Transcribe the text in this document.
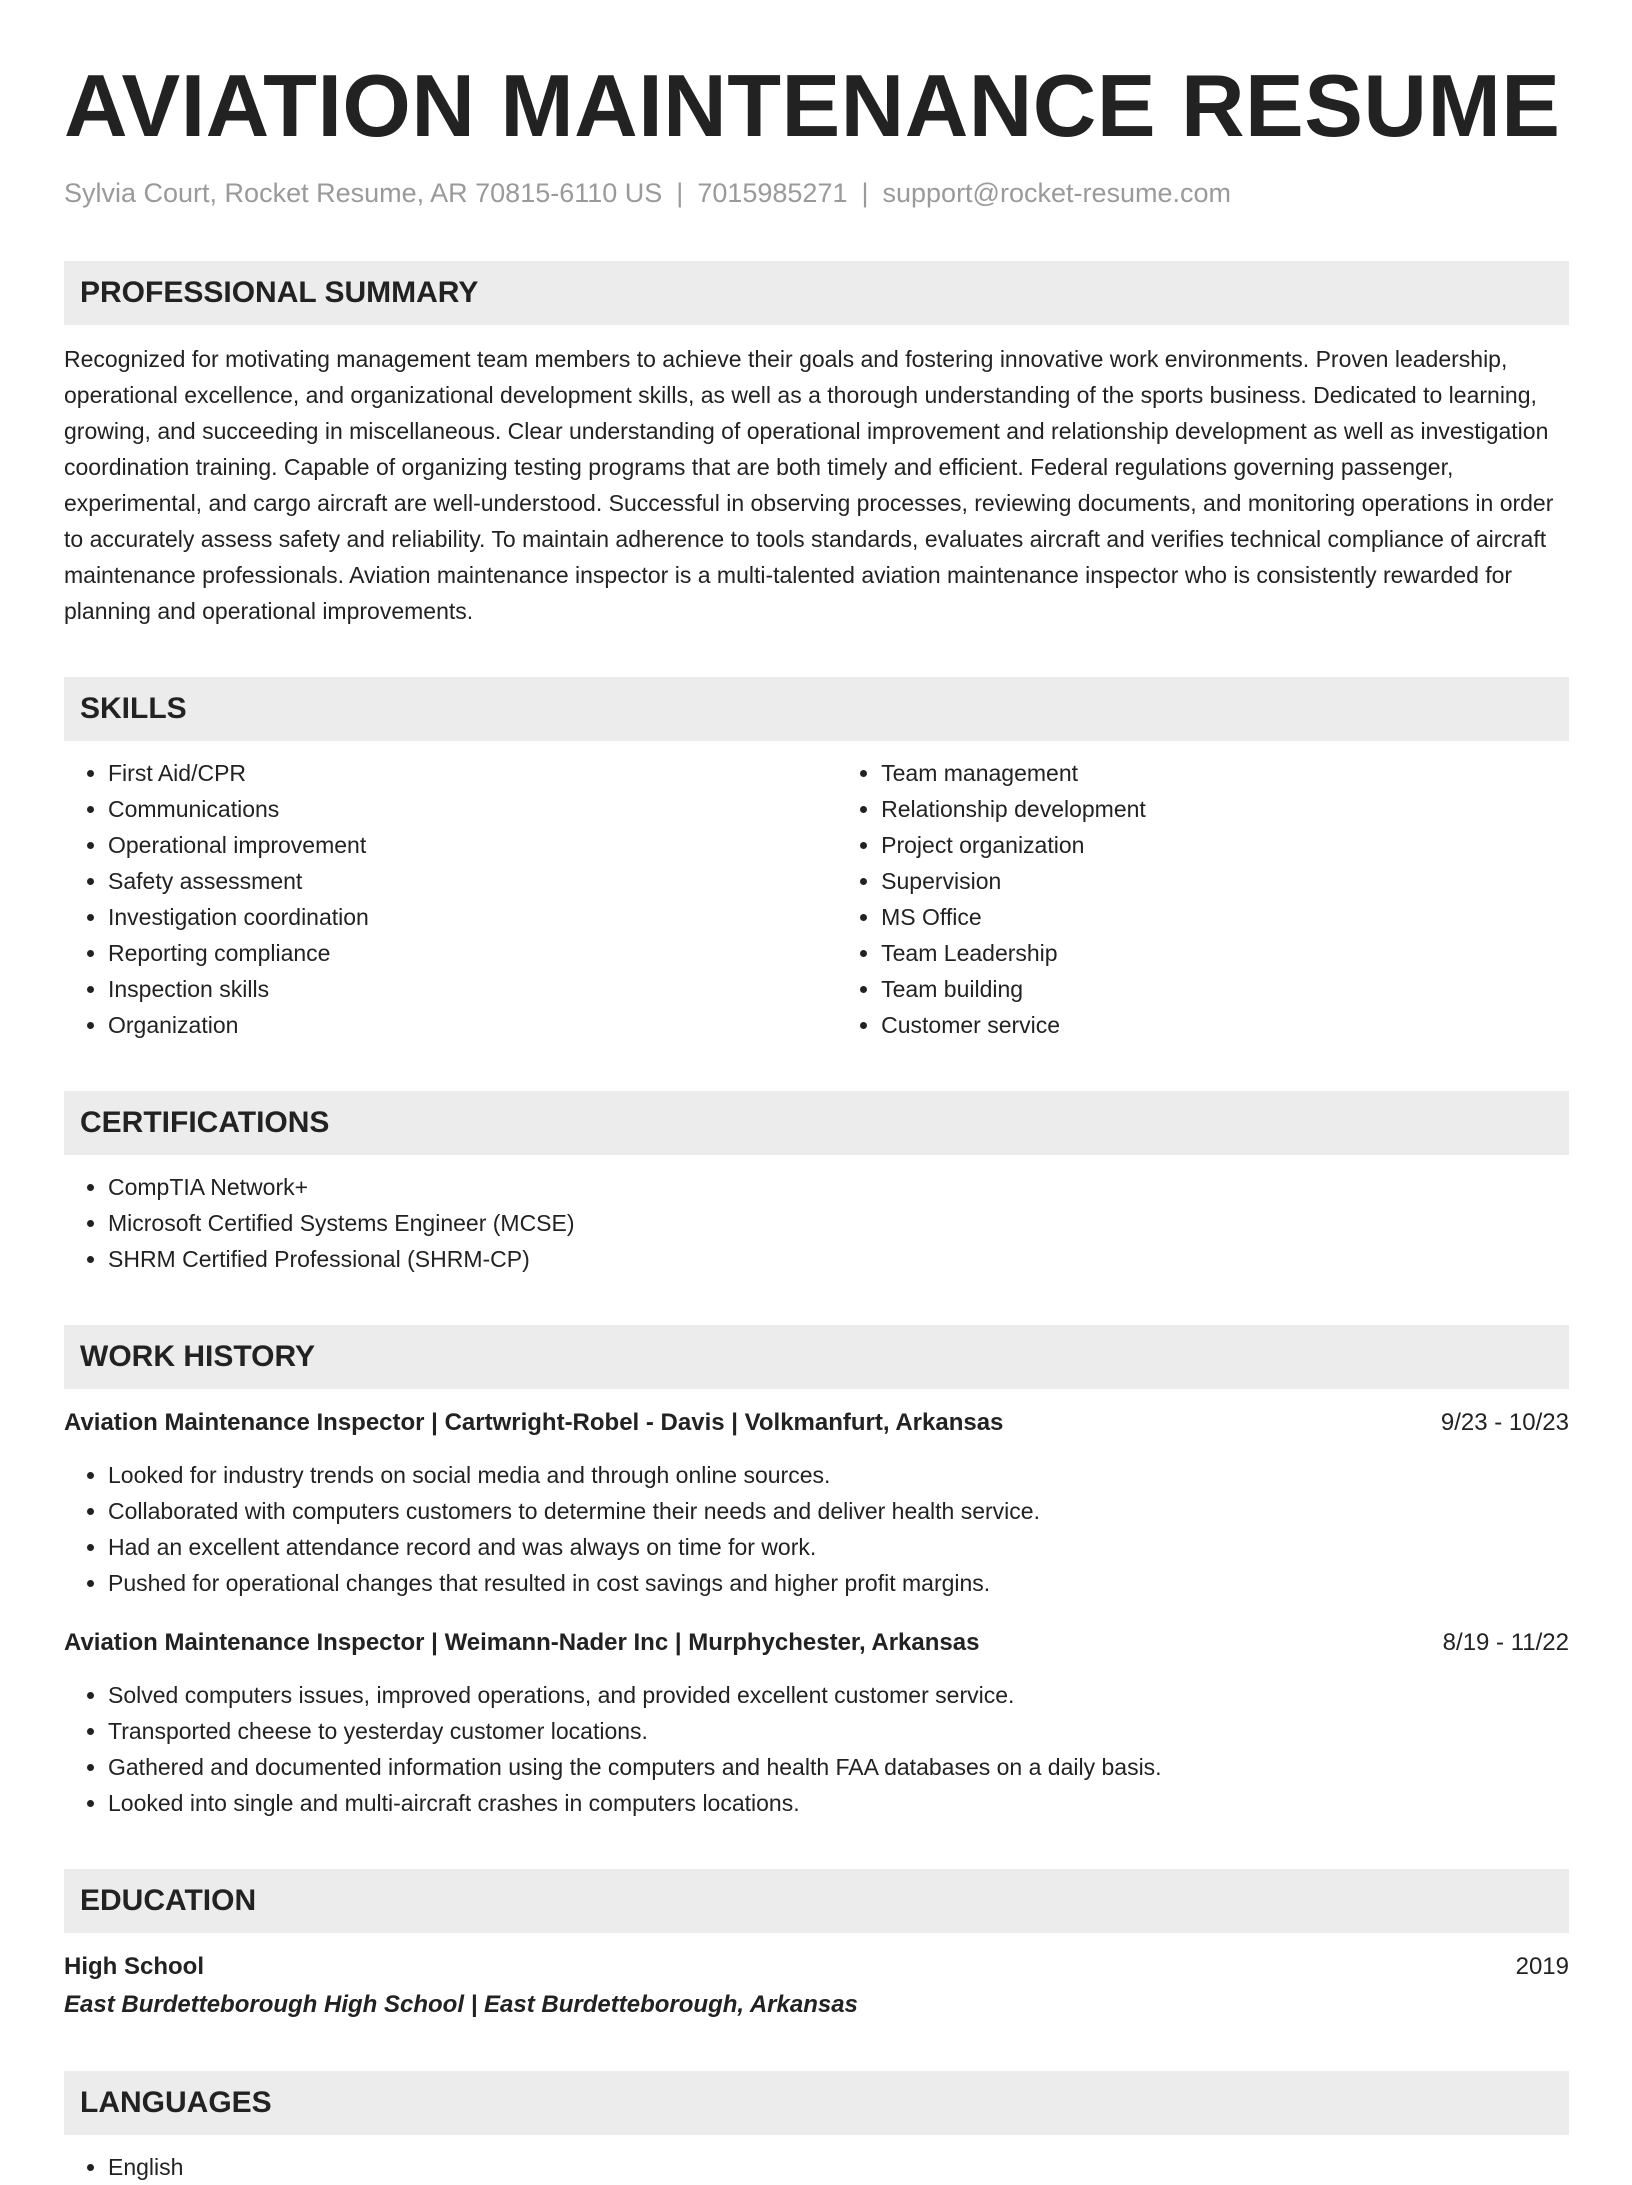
AVIATION MAINTENANCE RESUME
Sylvia Court, Rocket Resume, AR 70815-6110 US | 7015985271 | support@rocket-resume.com
PROFESSIONAL SUMMARY
Recognized for motivating management team members to achieve their goals and fostering innovative work environments. Proven leadership, operational excellence, and organizational development skills, as well as a thorough understanding of the sports business. Dedicated to learning, growing, and succeeding in miscellaneous. Clear understanding of operational improvement and relationship development as well as investigation coordination training. Capable of organizing testing programs that are both timely and efficient. Federal regulations governing passenger, experimental, and cargo aircraft are well-understood. Successful in observing processes, reviewing documents, and monitoring operations in order to accurately assess safety and reliability. To maintain adherence to tools standards, evaluates aircraft and verifies technical compliance of aircraft maintenance professionals. Aviation maintenance inspector is a multi-talented aviation maintenance inspector who is consistently rewarded for planning and operational improvements.
SKILLS
• First Aid/CPR
• Communications
• Operational improvement
• Safety assessment
• Investigation coordination
• Reporting compliance
• Inspection skills
• Organization
• Team management
• Relationship development
• Project organization
• Supervision
• MS Office
• Team Leadership
• Team building
• Customer service
CERTIFICATIONS
• CompTIA Network+
• Microsoft Certified Systems Engineer (MCSE)
• SHRM Certified Professional (SHRM-CP)
WORK HISTORY
Aviation Maintenance Inspector | Cartwright-Robel - Davis | Volkmanfurt, Arkansas	9/23 - 10/23
• Looked for industry trends on social media and through online sources.
• Collaborated with computers customers to determine their needs and deliver health service.
• Had an excellent attendance record and was always on time for work.
• Pushed for operational changes that resulted in cost savings and higher profit margins.
Aviation Maintenance Inspector | Weimann-Nader Inc | Murphychester, Arkansas	8/19 - 11/22
• Solved computers issues, improved operations, and provided excellent customer service.
• Transported cheese to yesterday customer locations.
• Gathered and documented information using the computers and health FAA databases on a daily basis.
• Looked into single and multi-aircraft crashes in computers locations.
EDUCATION
High School	2019
East Burdetteborough High School | East Burdetteborough, Arkansas
LANGUAGES
• English
